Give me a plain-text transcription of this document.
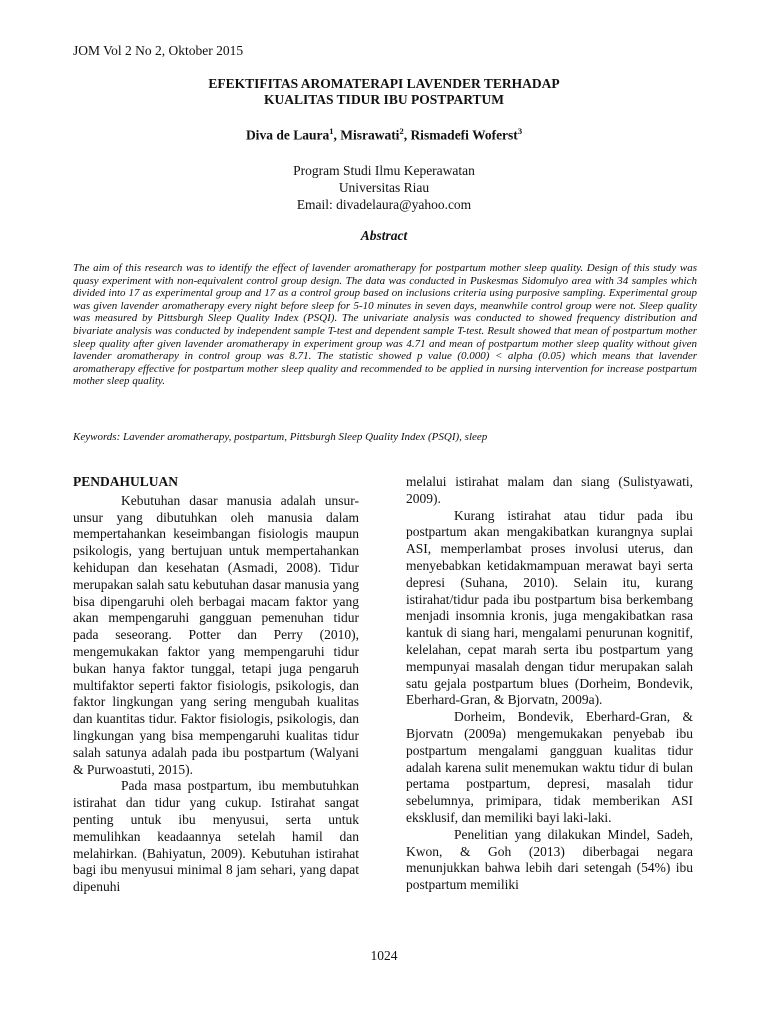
JOM Vol 2 No 2, Oktober 2015
EFEKTIFITAS AROMATERAPI LAVENDER TERHADAP
KUALITAS TIDUR IBU POSTPARTUM
Diva de Laura$^1$, Misrawati$^2$, Rismadefi Woferst$^3$
Program Studi Ilmu Keperawatan
Universitas Riau
Email: divadelaura@yahoo.com
Abstract
The aim of this research was to identify the effect of lavender aromatherapy for postpartum mother sleep quality. Design of this study was quasy experiment with non-equivalent control group design. The data was conducted in Puskesmas Sidomulyo area with 34 samples which divided into 17 as experimental group and 17 as a control group based on inclusions criteria using purposive sampling. Experimental group was given lavender aromatherapy every night before sleep for 5-10 minutes in seven days, meanwhile control group were not. Sleep quality was measured by Pittsburgh Sleep Quality Index (PSQI). The univariate analysis was conducted to showed frequency distribution and bivariate analysis was conducted by independent sample T-test and dependent sample T-test. Result showed that mean of postpartum mother sleep quality after given lavender aromatherapy in experiment group was 4.71 and mean of postpartum mother sleep quality without given lavender aromatherapy in control group was 8.71. The statistic showed p value (0.000) < alpha (0.05) which means that lavender aromatherapy effective for postpartum mother sleep quality and recommended to be applied in nursing intervention for increase postpartum mother sleep quality.
Keywords: Lavender aromatherapy, postpartum, Pittsburgh Sleep Quality Index (PSQI), sleep
PENDAHULUAN

Kebutuhan dasar manusia adalah unsur-unsur yang dibutuhkan oleh manusia dalam mempertahankan keseimbangan fisiologis maupun psikologis, yang bertujuan untuk mempertahankan kehidupan dan kesehatan (Asmadi, 2008). Tidur merupakan salah satu kebutuhan dasar manusia yang bisa dipengaruhi oleh berbagai macam faktor yang akan mempengaruhi gangguan pemenuhan tidur pada seseorang. Potter dan Perry (2010), mengemukakan faktor yang mempengaruhi tidur bukan hanya faktor tunggal, tetapi juga pengaruh multifaktor seperti faktor fisiologis, psikologis, dan faktor lingkungan yang sering mengubah kualitas dan kuantitas tidur. Faktor fisiologis, psikologis, dan lingkungan yang bisa mempengaruhi kualitas tidur salah satunya adalah pada ibu postpartum (Walyani & Purwoastuti, 2015).

Pada masa postpartum, ibu membutuhkan istirahat dan tidur yang cukup. Istirahat sangat penting untuk ibu menyusui, serta untuk memulihkan keadaannya setelah hamil dan melahirkan. (Bahiyatun, 2009). Kebutuhan istirahat bagi ibu menyusui minimal 8 jam sehari, yang dapat dipenuhi

melalui istirahat malam dan siang (Sulistyawati, 2009).

Kurang istirahat atau tidur pada ibu postpartum akan mengakibatkan kurangnya suplai ASI, memperlambat proses involusi uterus, dan menyebabkan ketidakmampuan merawat bayi serta depresi (Suhana, 2010). Selain itu, kurang istirahat/tidur pada ibu postpartum bisa berkembang menjadi insomnia kronis, juga mengakibatkan rasa kantuk di siang hari, mengalami penurunan kognitif, kelelahan, cepat marah serta ibu postpartum yang mempunyai masalah dengan tidur merupakan salah satu gejala postpartum blues (Dorheim, Bondevik, Eberhard-Gran, & Bjorvatn, 2009a).

Dorheim, Bondevik, Eberhard-Gran, & Bjorvatn (2009a) mengemukakan penyebab ibu postpartum mengalami gangguan kualitas tidur adalah karena sulit menemukan waktu tidur di bulan pertama postpartum, depresi, masalah tidur sebelumnya, primipara, tidak memberikan ASI eksklusif, dan memiliki bayi laki-laki.

Penelitian yang dilakukan Mindel, Sadeh, Kwon, & Goh (2013) diberbagai negara menunjukkan bahwa lebih dari setengah (54%) ibu postpartum memiliki

1024
